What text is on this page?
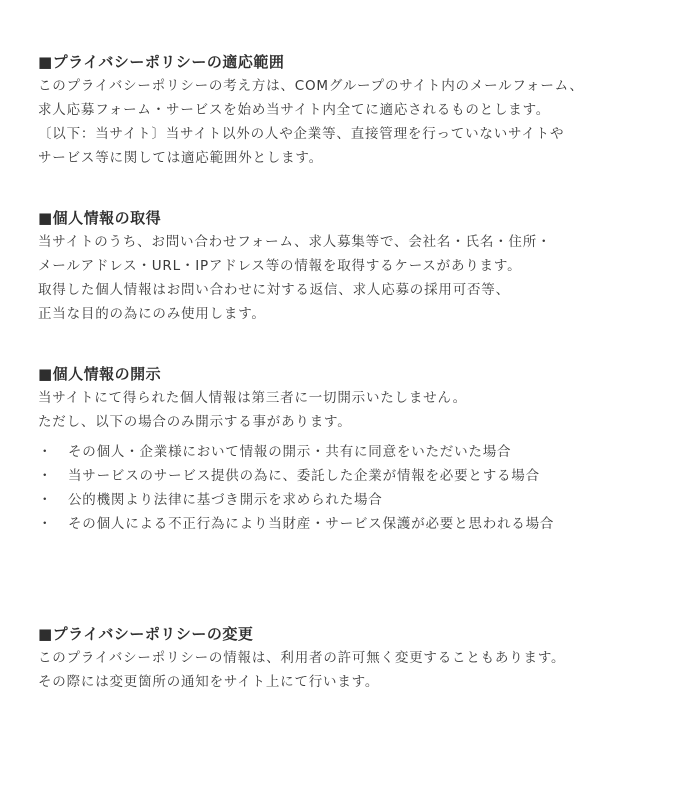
■プライバシーポリシーの適応範囲
このプライバシーポリシーの考え方は、COMグループのサイト内のメールフォーム、
求人応募フォーム・サービスを始め当サイト内全てに適応されるものとします。
〔以下：当サイト〕当サイト以外の人や企業等、直接管理を行っていないサイトや
サービス等に関しては適応範囲外とします。
■個人情報の取得
当サイトのうち、お問い合わせフォーム、求人募集等で、会社名・氏名・住所・
メールアドレス・URL・IPアドレス等の情報を取得するケースがあります。
取得した個人情報はお問い合わせに対する返信、求人応募の採用可否等、
正当な目的の為にのみ使用します。
■個人情報の開示
当サイトにて得られた個人情報は第三者に一切開示いたしません。
ただし、以下の場合のみ開示する事があります。
・	その個人・企業様において情報の開示・共有に同意をいただいた場合
・	当サービスのサービス提供の為に、委託した企業が情報を必要とする場合
・	公的機関より法律に基づき開示を求められた場合
・	その個人による不正行為により当財産・サービス保護が必要と思われる場合
■プライバシーポリシーの変更
このプライバシーポリシーの情報は、利用者の許可無く変更することもあります。
その際には変更箇所の通知をサイト上にて行います。
